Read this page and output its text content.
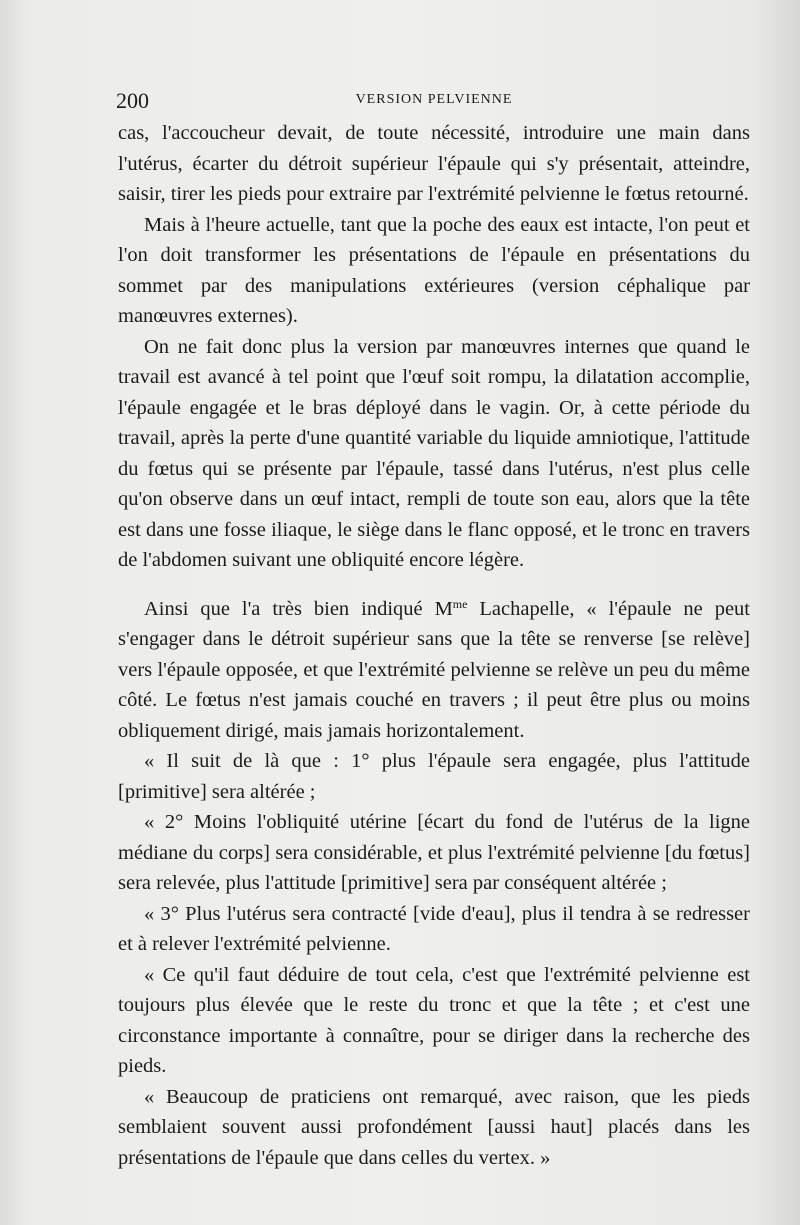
200	VERSION PELVIENNE

cas, l'accoucheur devait, de toute nécessité, introduire une main dans l'utérus, écarter du détroit supérieur l'épaule qui s'y présentait, atteindre, saisir, tirer les pieds pour extraire par l'extrémité pelvienne le fœtus retourné.

Mais à l'heure actuelle, tant que la poche des eaux est intacte, l'on peut et l'on doit transformer les présentations de l'épaule en présentations du sommet par des manipulations extérieures (version céphalique par manœuvres externes).

On ne fait donc plus la version par manœuvres internes que quand le travail est avancé à tel point que l'œuf soit rompu, la dilatation accomplie, l'épaule engagée et le bras déployé dans le vagin. Or, à cette période du travail, après la perte d'une quantité variable du liquide amniotique, l'attitude du fœtus qui se présente par l'épaule, tassé dans l'utérus, n'est plus celle qu'on observe dans un œuf intact, rempli de toute son eau, alors que la tête est dans une fosse iliaque, le siège dans le flanc opposé, et le tronc en travers de l'abdomen suivant une obliquité encore légère.

Ainsi que l'a très bien indiqué $M^{me}$ Lachapelle, « l'épaule ne peut s'engager dans le détroit supérieur sans que la tête se renverse [se relève] vers l'épaule opposée, et que l'extrémité pelvienne se relève un peu du même côté. Le fœtus n'est jamais couché en travers ; il peut être plus ou moins obliquement dirigé, mais jamais horizontalement.

« Il suit de là que : 1° plus l'épaule sera engagée, plus l'attitude [primitive] sera altérée ;

« 2° Moins l'obliquité utérine [écart du fond de l'utérus de la ligne médiane du corps] sera considérable, et plus l'extrémité pelvienne [du fœtus] sera relevée, plus l'attitude [primitive] sera par conséquent altérée ;

« 3° Plus l'utérus sera contracté [vide d'eau], plus il tendra à se redresser et à relever l'extrémité pelvienne.

« Ce qu'il faut déduire de tout cela, c'est que l'extrémité pelvienne est toujours plus élevée que le reste du tronc et que la tête ; et c'est une circonstance importante à connaître, pour se diriger dans la recherche des pieds.

« Beaucoup de praticiens ont remarqué, avec raison, que les pieds semblaient souvent aussi profondément [aussi haut] placés dans les présentations de l'épaule que dans celles du vertex. »
